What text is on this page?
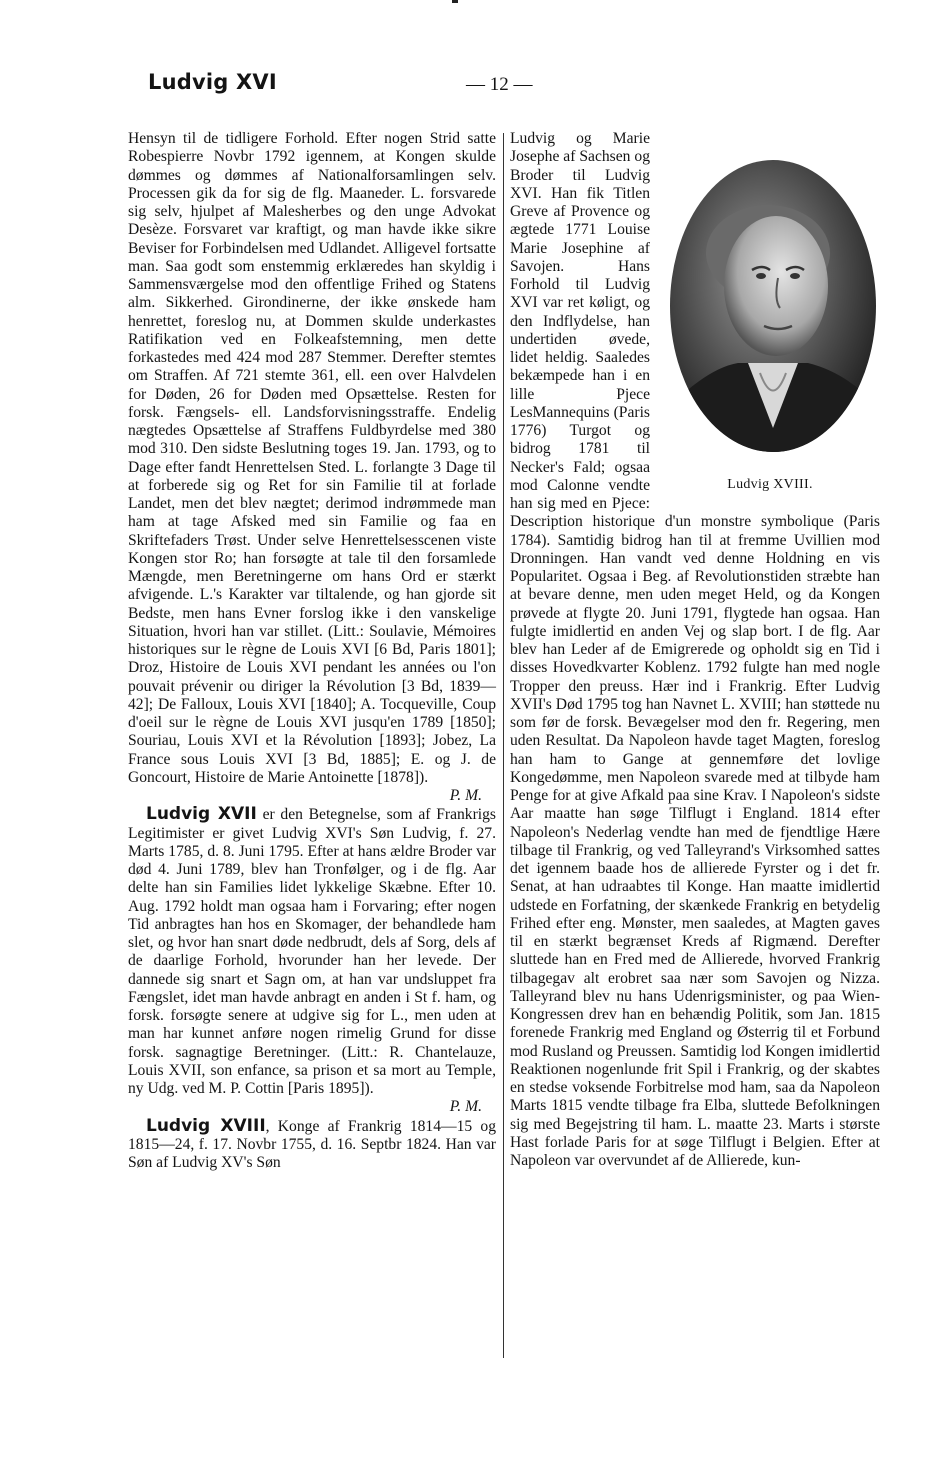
Ludvig XVI	— 12 —

Hensyn til de tidligere Forhold. Efter nogen Strid satte Robespierre Novbr 1792 igennem, at Kongen skulde dømmes og dømmes af Nationalforsamlingen selv. Processen gik da for sig de flg. Maaneder. L. forsvarede sig selv, hjulpet af Malesherbes og den unge Advokat Desèze. Forsvaret var kraftigt, og man havde ikke sikre Beviser for Forbindelsen med Udlandet. Alligevel fortsatte man. Saa godt som enstemmig erklæredes han skyldig i Sammensværgelse mod den offentlige Frihed og Statens alm. Sikkerhed. Girondinerne, der ikke ønskede ham henrettet, foreslog nu, at Dommen skulde underkastes Ratifikation ved en Folkeafstemning, men dette forkastedes med 424 mod 287 Stemmer. Derefter stemtes om Straffen. Af 721 stemte 361, ell. een over Halvdelen for Døden, 26 for Døden med Opsættelse. Resten for forsk. Fængsels- ell. Landsforvisningsstraffe. Endelig nægtedes Opsættelse af Straffens Fuldbyrdelse med 380 mod 310. Den sidste Beslutning toges 19. Jan. 1793, og to Dage efter fandt Henrettelsen Sted. L. forlangte 3 Dage til at forberede sig og Ret for sin Familie til at forlade Landet, men det blev nægtet; derimod indrømmede man ham at tage Afsked med sin Familie og faa en Skriftefaders Trøst. Under selve Henrettelsesscenen viste Kongen stor Ro; han forsøgte at tale til den forsamlede Mængde, men Beretningerne om hans Ord er stærkt afvigende. L.'s Karakter var tiltalende, og han gjorde sit Bedste, men hans Evner forslog ikke i den vanskelige Situation, hvori han var stillet. (Litt.: Soulavie, Mémoires historiques sur le règne de Louis XVI [6 Bd, Paris 1801]; Droz, Histoire de Louis XVI pendant les années ou l'on pouvait prévenir ou diriger la Révolution [3 Bd, 1839—42]; De Falloux, Louis XVI [1840]; A. Tocqueville, Coup d'oeil sur le règne de Louis XVI jusqu'en 1789 [1850]; Souriau, Louis XVI et la Révolution [1893]; Jobez, La France sous Louis XVI [3 Bd, 1885]; E. og J. de Goncourt, Histoire de Marie Antoinette [1878]).

P. M.

Ludvig XVII er den Betegnelse, som af Frankrigs Legitimister er givet Ludvig XVI's Søn Ludvig, f. 27. Marts 1785, d. 8. Juni 1795. Efter at hans ældre Broder var død 4. Juni 1789, blev han Tronfølger, og i de flg. Aar delte han sin Families lidet lykkelige Skæbne. Efter 10. Aug. 1792 holdt man ogsaa ham i Forvaring; efter nogen Tid anbragtes han hos en Skomager, der behandlede ham slet, og hvor han snart døde nedbrudt, dels af Sorg, dels af de daarlige Forhold, hvorunder han her levede. Der dannede sig snart et Sagn om, at han var undsluppet fra Fængslet, idet man havde anbragt en anden i St f. ham, og forsk. forsøgte senere at udgive sig for L., men uden at man har kunnet anføre nogen rimelig Grund for disse forsk. sagnagtige Beretninger. (Litt.: R. Chantelauze, Louis XVII, son enfance, sa prison et sa mort au Temple, ny Udg. ved M. P. Cottin [Paris 1895]).

P. M.

Ludvig XVIII, Konge af Frankrig 1814—15 og 1815—24, f. 17. Novbr 1755, d. 16. Septbr 1824. Han var Søn af Ludvig XV's Søn

Ludvig XVIII.

Ludvig og Marie Josephe af Sachsen og Broder til Ludvig XVI. Han fik Titlen Greve af Provence og ægtede 1771 Louise Marie Josephine af Savojen. Hans Forhold til Ludvig XVI var ret køligt, og den Indflydelse, han undertiden øvede, lidet heldig. Saaledes bekæmpede han i en lille Pjece LesMannequins (Paris 1776) Turgot og bidrog 1781 til Necker's Fald; ogsaa mod Calonne vendte han sig med en Pjece: Description historique d'un monstre symbolique (Paris 1784). Samtidig bidrog han til at fremme Uvillien mod Dronningen. Han vandt ved denne Holdning en vis Popularitet. Ogsaa i Beg. af Revolutionstiden stræbte han at bevare denne, men uden meget Held, og da Kongen prøvede at flygte 20. Juni 1791, flygtede han ogsaa. Han fulgte imidlertid en anden Vej og slap bort. I de flg. Aar blev han Leder af de Emigrerede og opholdt sig en Tid i disses Hovedkvarter Koblenz. 1792 fulgte han med nogle Tropper den preuss. Hær ind i Frankrig. Efter Ludvig XVII's Død 1795 tog han Navnet L. XVIII; han støttede nu som før de forsk. Bevægelser mod den fr. Regering, men uden Resultat. Da Napoleon havde taget Magten, foreslog han ham to Gange at gennemføre det lovlige Kongedømme, men Napoleon svarede med at tilbyde ham Penge for at give Afkald paa sine Krav. I Napoleon's sidste Aar maatte han søge Tilflugt i England. 1814 efter Napoleon's Nederlag vendte han med de fjendtlige Hære tilbage til Frankrig, og ved Talleyrand's Virksomhed sattes det igennem baade hos de allierede Fyrster og i det fr. Senat, at han udraabtes til Konge. Han maatte imidlertid udstede en Forfatning, der skænkede Frankrig en betydelig Frihed efter eng. Mønster, men saaledes, at Magten gaves til en stærkt begrænset Kreds af Rigmænd. Derefter sluttede han en Fred med de Allierede, hvorved Frankrig tilbagegav alt erobret saa nær som Savojen og Nizza. Talleyrand blev nu hans Udenrigsminister, og paa Wien-Kongressen drev han en behændig Politik, som Jan. 1815 forenede Frankrig med England og Østerrig til et Forbund mod Rusland og Preussen. Samtidig lod Kongen imidlertid Reaktionen nogenlunde frit Spil i Frankrig, og der skabtes en stedse voksende Forbitrelse mod ham, saa da Napoleon Marts 1815 vendte tilbage fra Elba, sluttede Befolkningen sig med Begejstring til ham. L. maatte 23. Marts i største Hast forlade Paris for at søge Tilflugt i Belgien. Efter at Napoleon var overvundet af de Allierede, kun-
